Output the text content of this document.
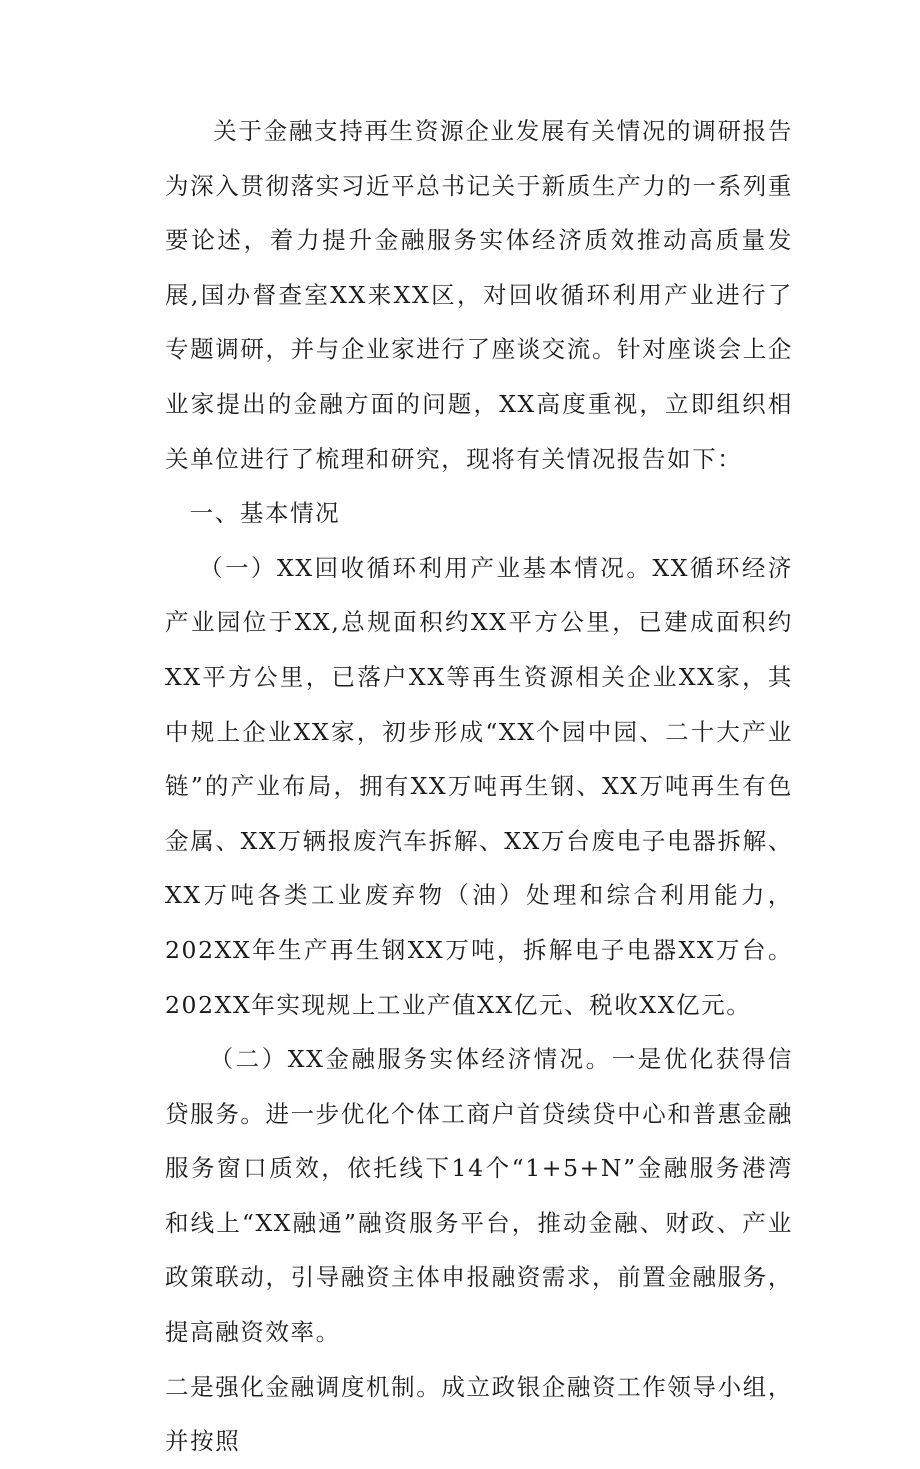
关于金融支持再生资源企业发展有关情况的调研报告为深入贯彻落实习近平总书记关于新质生产力的一系列重要论述，着力提升金融服务实体经济质效推动高质量发展,国办督查室XX来XX区，对回收循环利用产业进行了专题调研，并与企业家进行了座谈交流。针对座谈会上企业家提出的金融方面的问题，XX高度重视，立即组织相关单位进行了梳理和研究，现将有关情况报告如下：

一、基本情况

（一）XX回收循环利用产业基本情况。XX循环经济产业园位于XX,总规面积约XX平方公里，已建成面积约XX平方公里，已落户XX等再生资源相关企业XX家，其中规上企业XX家，初步形成“XX个园中园、二十大产业链”的产业布局，拥有XX万吨再生钢、XX万吨再生有色金属、XX万辆报废汽车拆解、XX万台废电子电器拆解、XX万吨各类工业废弃物（油）处理和综合利用能力，202XX年生产再生钢XX万吨，拆解电子电器XX万台。202XX年实现规上工业产值XX亿元、税收XX亿元。

（二）XX金融服务实体经济情况。一是优化获得信贷服务。进一步优化个体工商户首贷续贷中心和普惠金融服务窗口质效，依托线下14个“1+5+N”金融服务港湾和线上“XX融通”融资服务平台，推动金融、财政、产业政策联动，引导融资主体申报融资需求，前置金融服务，提高融资效率。

二是强化金融调度机制。成立政银企融资工作领导小组，并按照
